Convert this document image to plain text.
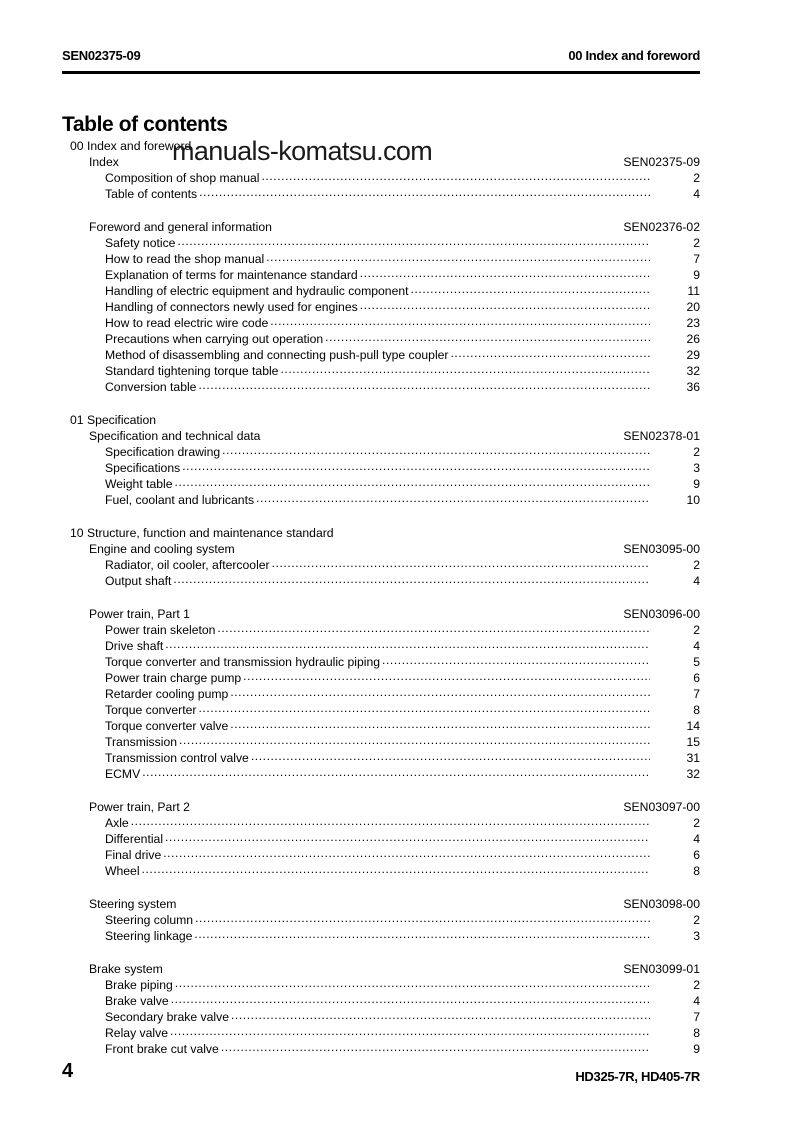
SEN02375-09	00 Index and foreword
Table of contents
00 Index and foreword
Index	SEN02375-09
Composition of shop manual .....	2
Table of contents .....	4
Foreword and general information	SEN02376-02
Safety notice .....	2
How to read the shop manual .....	7
Explanation of terms for maintenance standard .....	9
Handling of electric equipment and hydraulic component .....	11
Handling of connectors newly used for engines .....	20
How to read electric wire code .....	23
Precautions when carrying out operation .....	26
Method of disassembling and connecting push-pull type coupler .....	29
Standard tightening torque table .....	32
Conversion table .....	36
01 Specification
Specification and technical data	SEN02378-01
Specification drawing .....	2
Specifications .....	3
Weight table .....	9
Fuel, coolant and lubricants .....	10
10 Structure, function and maintenance standard
Engine and cooling system	SEN03095-00
Radiator, oil cooler, aftercooler .....	2
Output shaft .....	4
Power train, Part 1	SEN03096-00
Power train skeleton .....	2
Drive shaft .....	4
Torque converter and transmission hydraulic piping .....	5
Power train charge pump .....	6
Retarder cooling pump .....	7
Torque converter .....	8
Torque converter valve .....	14
Transmission .....	15
Transmission control valve .....	31
ECMV .....	32
Power train, Part 2	SEN03097-00
Axle .....	2
Differential .....	4
Final drive .....	6
Wheel .....	8
Steering system	SEN03098-00
Steering column .....	2
Steering linkage .....	3
Brake system	SEN03099-01
Brake piping .....	2
Brake valve .....	4
Secondary brake valve .....	7
Relay valve .....	8
Front brake cut valve .....	9
manuals-komatsu.com
4	HD325-7R, HD405-7R
